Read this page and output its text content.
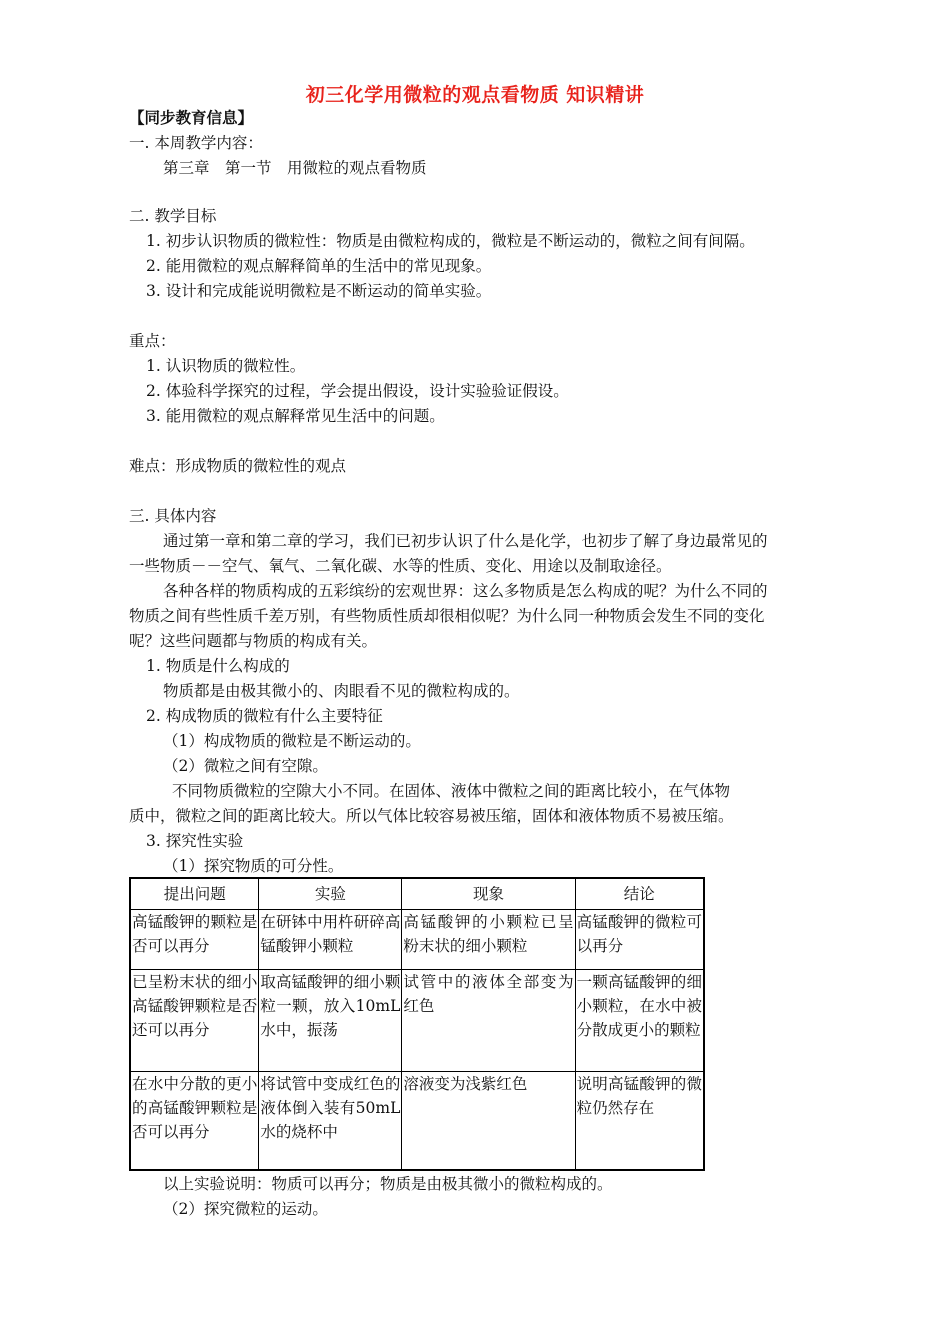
初三化学用微粒的观点看物质 知识精讲
【同步教育信息】
一. 本周教学内容：
第三章　第一节　用微粒的观点看物质
二. 教学目标
1. 初步认识物质的微粒性：物质是由微粒构成的，微粒是不断运动的，微粒之间有间隔。
2. 能用微粒的观点解释简单的生活中的常见现象。
3. 设计和完成能说明微粒是不断运动的简单实验。
重点：
1. 认识物质的微粒性。
2. 体验科学探究的过程，学会提出假设，设计实验验证假设。
3. 能用微粒的观点解释常见生活中的问题。
难点：形成物质的微粒性的观点
三. 具体内容
通过第一章和第二章的学习，我们已初步认识了什么是化学，也初步了解了身边最常见的
一些物质－－空气、氧气、二氧化碳、水等的性质、变化、用途以及制取途径。
各种各样的物质构成的五彩缤纷的宏观世界：这么多物质是怎么构成的呢？为什么不同的
物质之间有些性质千差万别，有些物质性质却很相似呢？为什么同一种物质会发生不同的变化
呢？这些问题都与物质的构成有关。
1. 物质是什么构成的
物质都是由极其微小的、肉眼看不见的微粒构成的。
2. 构成物质的微粒有什么主要特征
（1）构成物质的微粒是不断运动的。
（2）微粒之间有空隙。
不同物质微粒的空隙大小不同。在固体、液体中微粒之间的距离比较小，在气体物
质中，微粒之间的距离比较大。所以气体比较容易被压缩，固体和液体物质不易被压缩。
3. 探究性实验
（1）探究物质的可分性。
提出问题	实验	现象	结论
高锰酸钾的颗粒是否可以再分	在研钵中用杵研碎高锰酸钾小颗粒	高锰酸钾的小颗粒已呈粉末状的细小颗粒	高锰酸钾的微粒可以再分
已呈粉末状的细小高锰酸钾颗粒是否还可以再分	取高锰酸钾的细小颗粒一颗，放入10mL水中，振荡	试管中的液体全部变为红色	一颗高锰酸钾的细小颗粒，在水中被分散成更小的颗粒
在水中分散的更小的高锰酸钾颗粒是否可以再分	将试管中变成红色的液体倒入装有50mL水的烧杯中	溶液变为浅紫红色	说明高锰酸钾的微粒仍然存在
以上实验说明：物质可以再分；物质是由极其微小的微粒构成的。
（2）探究微粒的运动。
